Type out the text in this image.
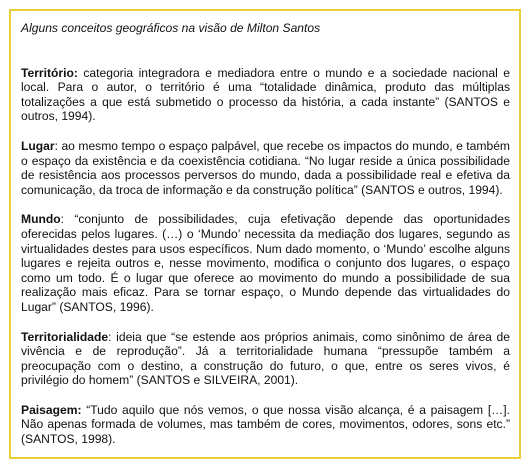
Alguns conceitos geográficos na visão de Milton Santos

Território: categoria integradora e mediadora entre o mundo e a sociedade nacional e local. Para o autor, o território é uma “totalidade dinâmica, produto das múltiplas totalizações a que está submetido o processo da história, a cada instante” (SANTOS e outros, 1994).

Lugar: ao mesmo tempo o espaço palpável, que recebe os impactos do mundo, e também o espaço da existência e da coexistência cotidiana. “No lugar reside a única possibilidade de resistência aos processos perversos do mundo, dada a possibilidade real e efetiva da comunicação, da troca de informação e da construção política” (SANTOS e outros, 1994).

Mundo: “conjunto de possibilidades, cuja efetivação depende das oportunidades oferecidas pelos lugares. (…) o ‘Mundo’ necessita da mediação dos lugares, segundo as virtualidades destes para usos específicos. Num dado momento, o ‘Mundo’ escolhe alguns lugares e rejeita outros e, nesse movimento, modifica o conjunto dos lugares, o espaço como um todo. É o lugar que oferece ao movimento do mundo a possibilidade de sua realização mais eficaz. Para se tornar espaço, o Mundo depende das virtualidades do Lugar” (SANTOS, 1996).

Territorialidade: ideia que “se estende aos próprios animais, como sinônimo de área de vivência e de reprodução”. Já a territorialidade humana “pressupõe também a preocupação com o destino, a construção do futuro, o que, entre os seres vivos, é privilégio do homem” (SANTOS e SILVEIRA, 2001).

Paisagem: “Tudo aquilo que nós vemos, o que nossa visão alcança, é a paisagem […]. Não apenas formada de volumes, mas também de cores, movimentos, odores, sons etc.” (SANTOS, 1998).
